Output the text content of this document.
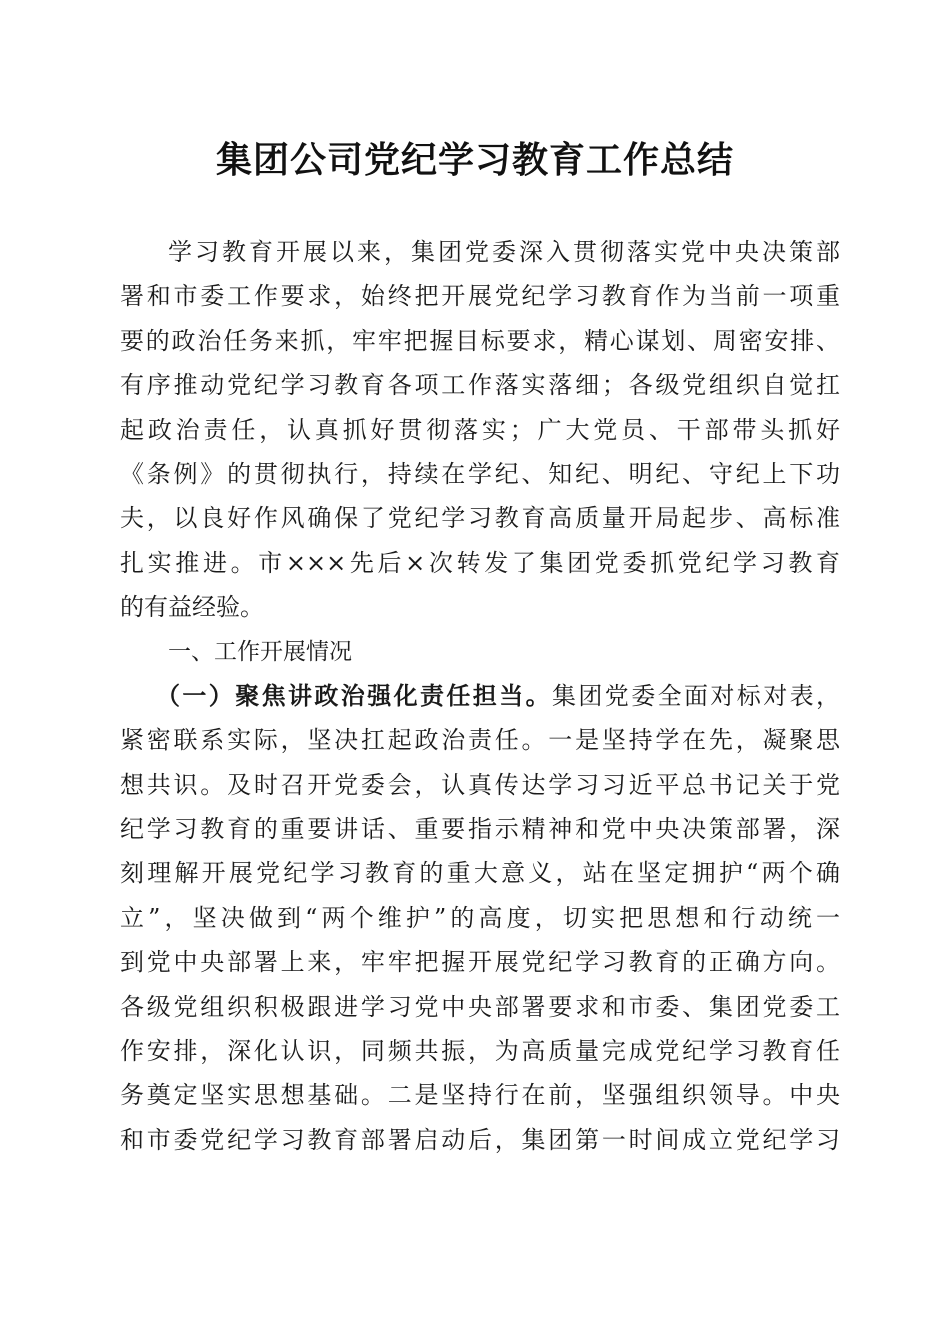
集团公司党纪学习教育工作总结
学习教育开展以来，集团党委深入贯彻落实党中央决策部
署和市委工作要求，始终把开展党纪学习教育作为当前一项重
要的政治任务来抓，牢牢把握目标要求，精心谋划、周密安排、
有序推动党纪学习教育各项工作落实落细；各级党组织自觉扛
起政治责任，认真抓好贯彻落实；广大党员、干部带头抓好
《条例》的贯彻执行，持续在学纪、知纪、明纪、守纪上下功
夫，以良好作风确保了党纪学习教育高质量开局起步、高标准
扎实推进。市×××先后×次转发了集团党委抓党纪学习教育
的有益经验。
一、工作开展情况
（一）聚焦讲政治强化责任担当。集团党委全面对标对表，
紧密联系实际，坚决扛起政治责任。一是坚持学在先，凝聚思
想共识。及时召开党委会，认真传达学习习近平总书记关于党
纪学习教育的重要讲话、重要指示精神和党中央决策部署，深
刻理解开展党纪学习教育的重大意义，站在坚定拥护“两个确
立”，坚决做到“两个维护”的高度，切实把思想和行动统一
到党中央部署上来，牢牢把握开展党纪学习教育的正确方向。
各级党组织积极跟进学习党中央部署要求和市委、集团党委工
作安排，深化认识，同频共振，为高质量完成党纪学习教育任
务奠定坚实思想基础。二是坚持行在前，坚强组织领导。中央
和市委党纪学习教育部署启动后，集团第一时间成立党纪学习
